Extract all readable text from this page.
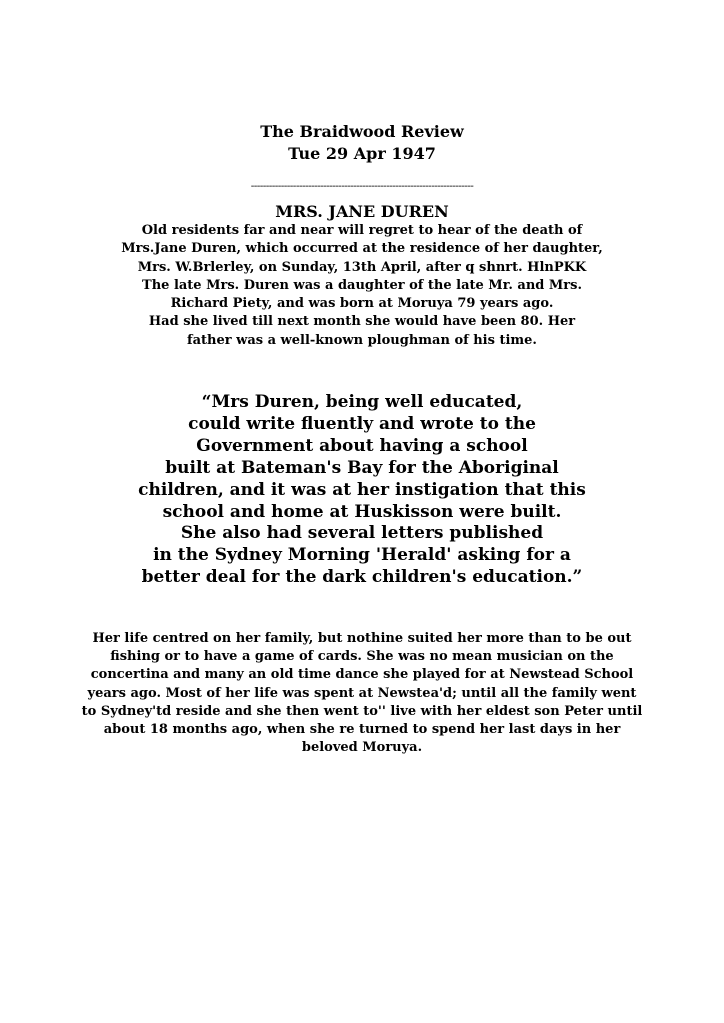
The Braidwood Review
Tue 29 Apr 1947
--------------------------------------------------------------------------
MRS. JANE DUREN
Old residents far and near will regret to hear of the death of
Mrs.Jane Duren, which occurred at the residence of her daughter,
Mrs. W.Brlerley, on Sunday, 13th April, after q shnrt. HlnPKK
The late Mrs. Duren was a daughter of the late Mr. and Mrs.
Richard Piety, and was born at Moruya 79 years ago.
Had she lived till next month she would have been 80. Her
father was a well-known ploughman of his time.
“Mrs Duren, being well educated,
could write fluently and wrote to the
Government about having a school
built at Bateman's Bay for the Aboriginal
children, and it was at her instigation that this
school and home at Huskisson were built.
She also had several letters published
in the Sydney Morning 'Herald' asking for a
better deal for the dark children's education.”
Her life centred on her family, but nothine suited her more than to be out
fishing or to have a game of cards. She was no mean musician on the
concertina and many an old time dance she played for at Newstead School
years ago. Most of her life was spent at Newstea'd; until all the family went
to Sydney'td reside and she then went to'' live with her eldest son Peter until
about 18 months ago, when she re turned to spend her last days in her
beloved Moruya.
